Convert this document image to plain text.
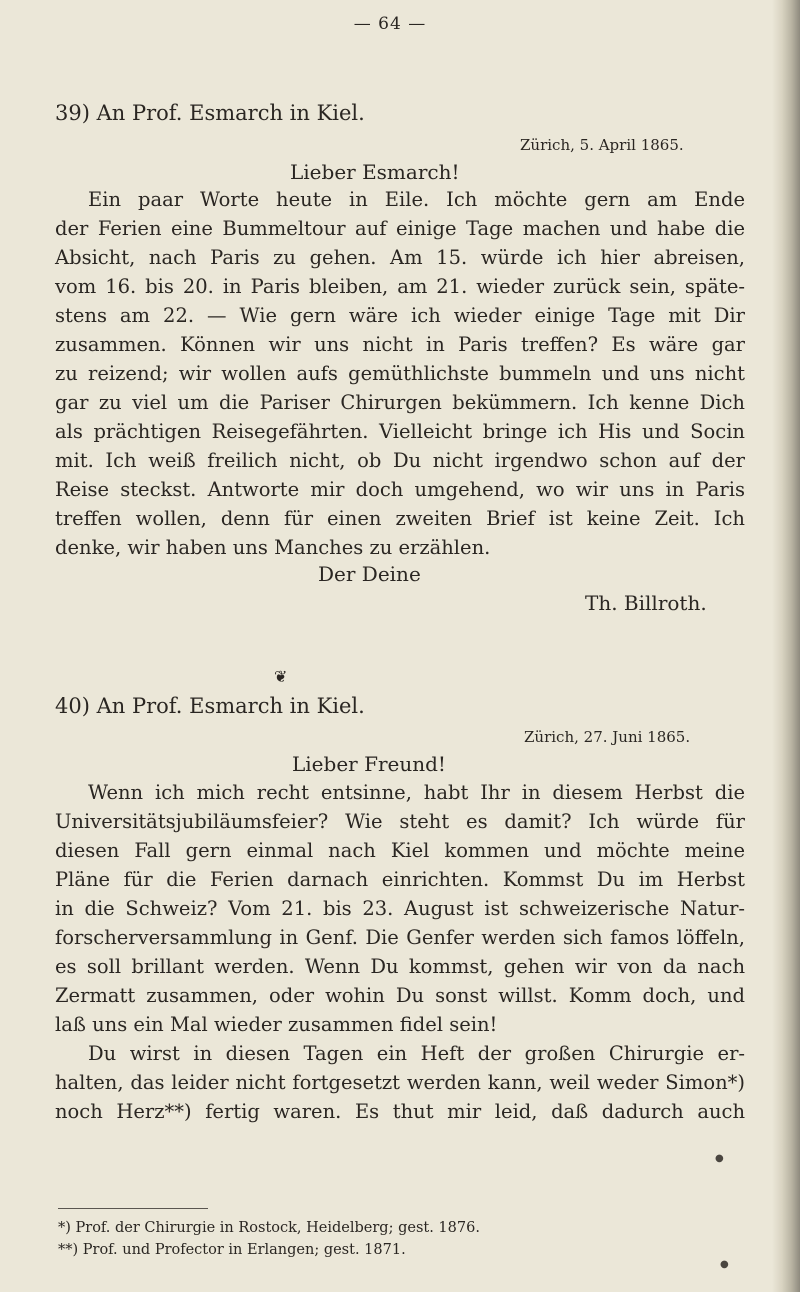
— 64 —
39) An Prof. Esmarch in Kiel.
Zürich, 5. April 1865.
Lieber Esmarch!
Ein paar Worte heute in Eile. Ich möchte gern am Ende
der Ferien eine Bummeltour auf einige Tage machen und habe die
Absicht, nach Paris zu gehen. Am 15. würde ich hier abreisen,
vom 16. bis 20. in Paris bleiben, am 21. wieder zurück sein, späte-
stens am 22. — Wie gern wäre ich wieder einige Tage mit Dir
zusammen. Können wir uns nicht in Paris treffen? Es wäre gar
zu reizend; wir wollen aufs gemüthlichste bummeln und uns nicht
gar zu viel um die Pariser Chirurgen bekümmern. Ich kenne Dich
als prächtigen Reisegefährten. Vielleicht bringe ich His und Socin
mit. Ich weiß freilich nicht, ob Du nicht irgendwo schon auf der
Reise steckst. Antworte mir doch umgehend, wo wir uns in Paris
treffen wollen, denn für einen zweiten Brief ist keine Zeit. Ich
denke, wir haben uns Manches zu erzählen.
Der Deine
Th. Billroth.
❦
40) An Prof. Esmarch in Kiel.
Zürich, 27. Juni 1865.
Lieber Freund!
Wenn ich mich recht entsinne, habt Ihr in diesem Herbst die
Universitätsjubiläumsfeier? Wie steht es damit? Ich würde für
diesen Fall gern einmal nach Kiel kommen und möchte meine
Pläne für die Ferien darnach einrichten. Kommst Du im Herbst
in die Schweiz? Vom 21. bis 23. August ist schweizerische Natur-
forscherversammlung in Genf. Die Genfer werden sich famos löffeln,
es soll brillant werden. Wenn Du kommst, gehen wir von da nach
Zermatt zusammen, oder wohin Du sonst willst. Komm doch, und
laß uns ein Mal wieder zusammen fidel sein!
Du wirst in diesen Tagen ein Heft der großen Chirurgie er-
halten, das leider nicht fortgesetzt werden kann, weil weder Simon*)
noch Herz**) fertig waren. Es thut mir leid, daß dadurch auch
*) Prof. der Chirurgie in Rostock, Heidelberg; gest. 1876.
**) Prof. und Profector in Erlangen; gest. 1871.
●
●
